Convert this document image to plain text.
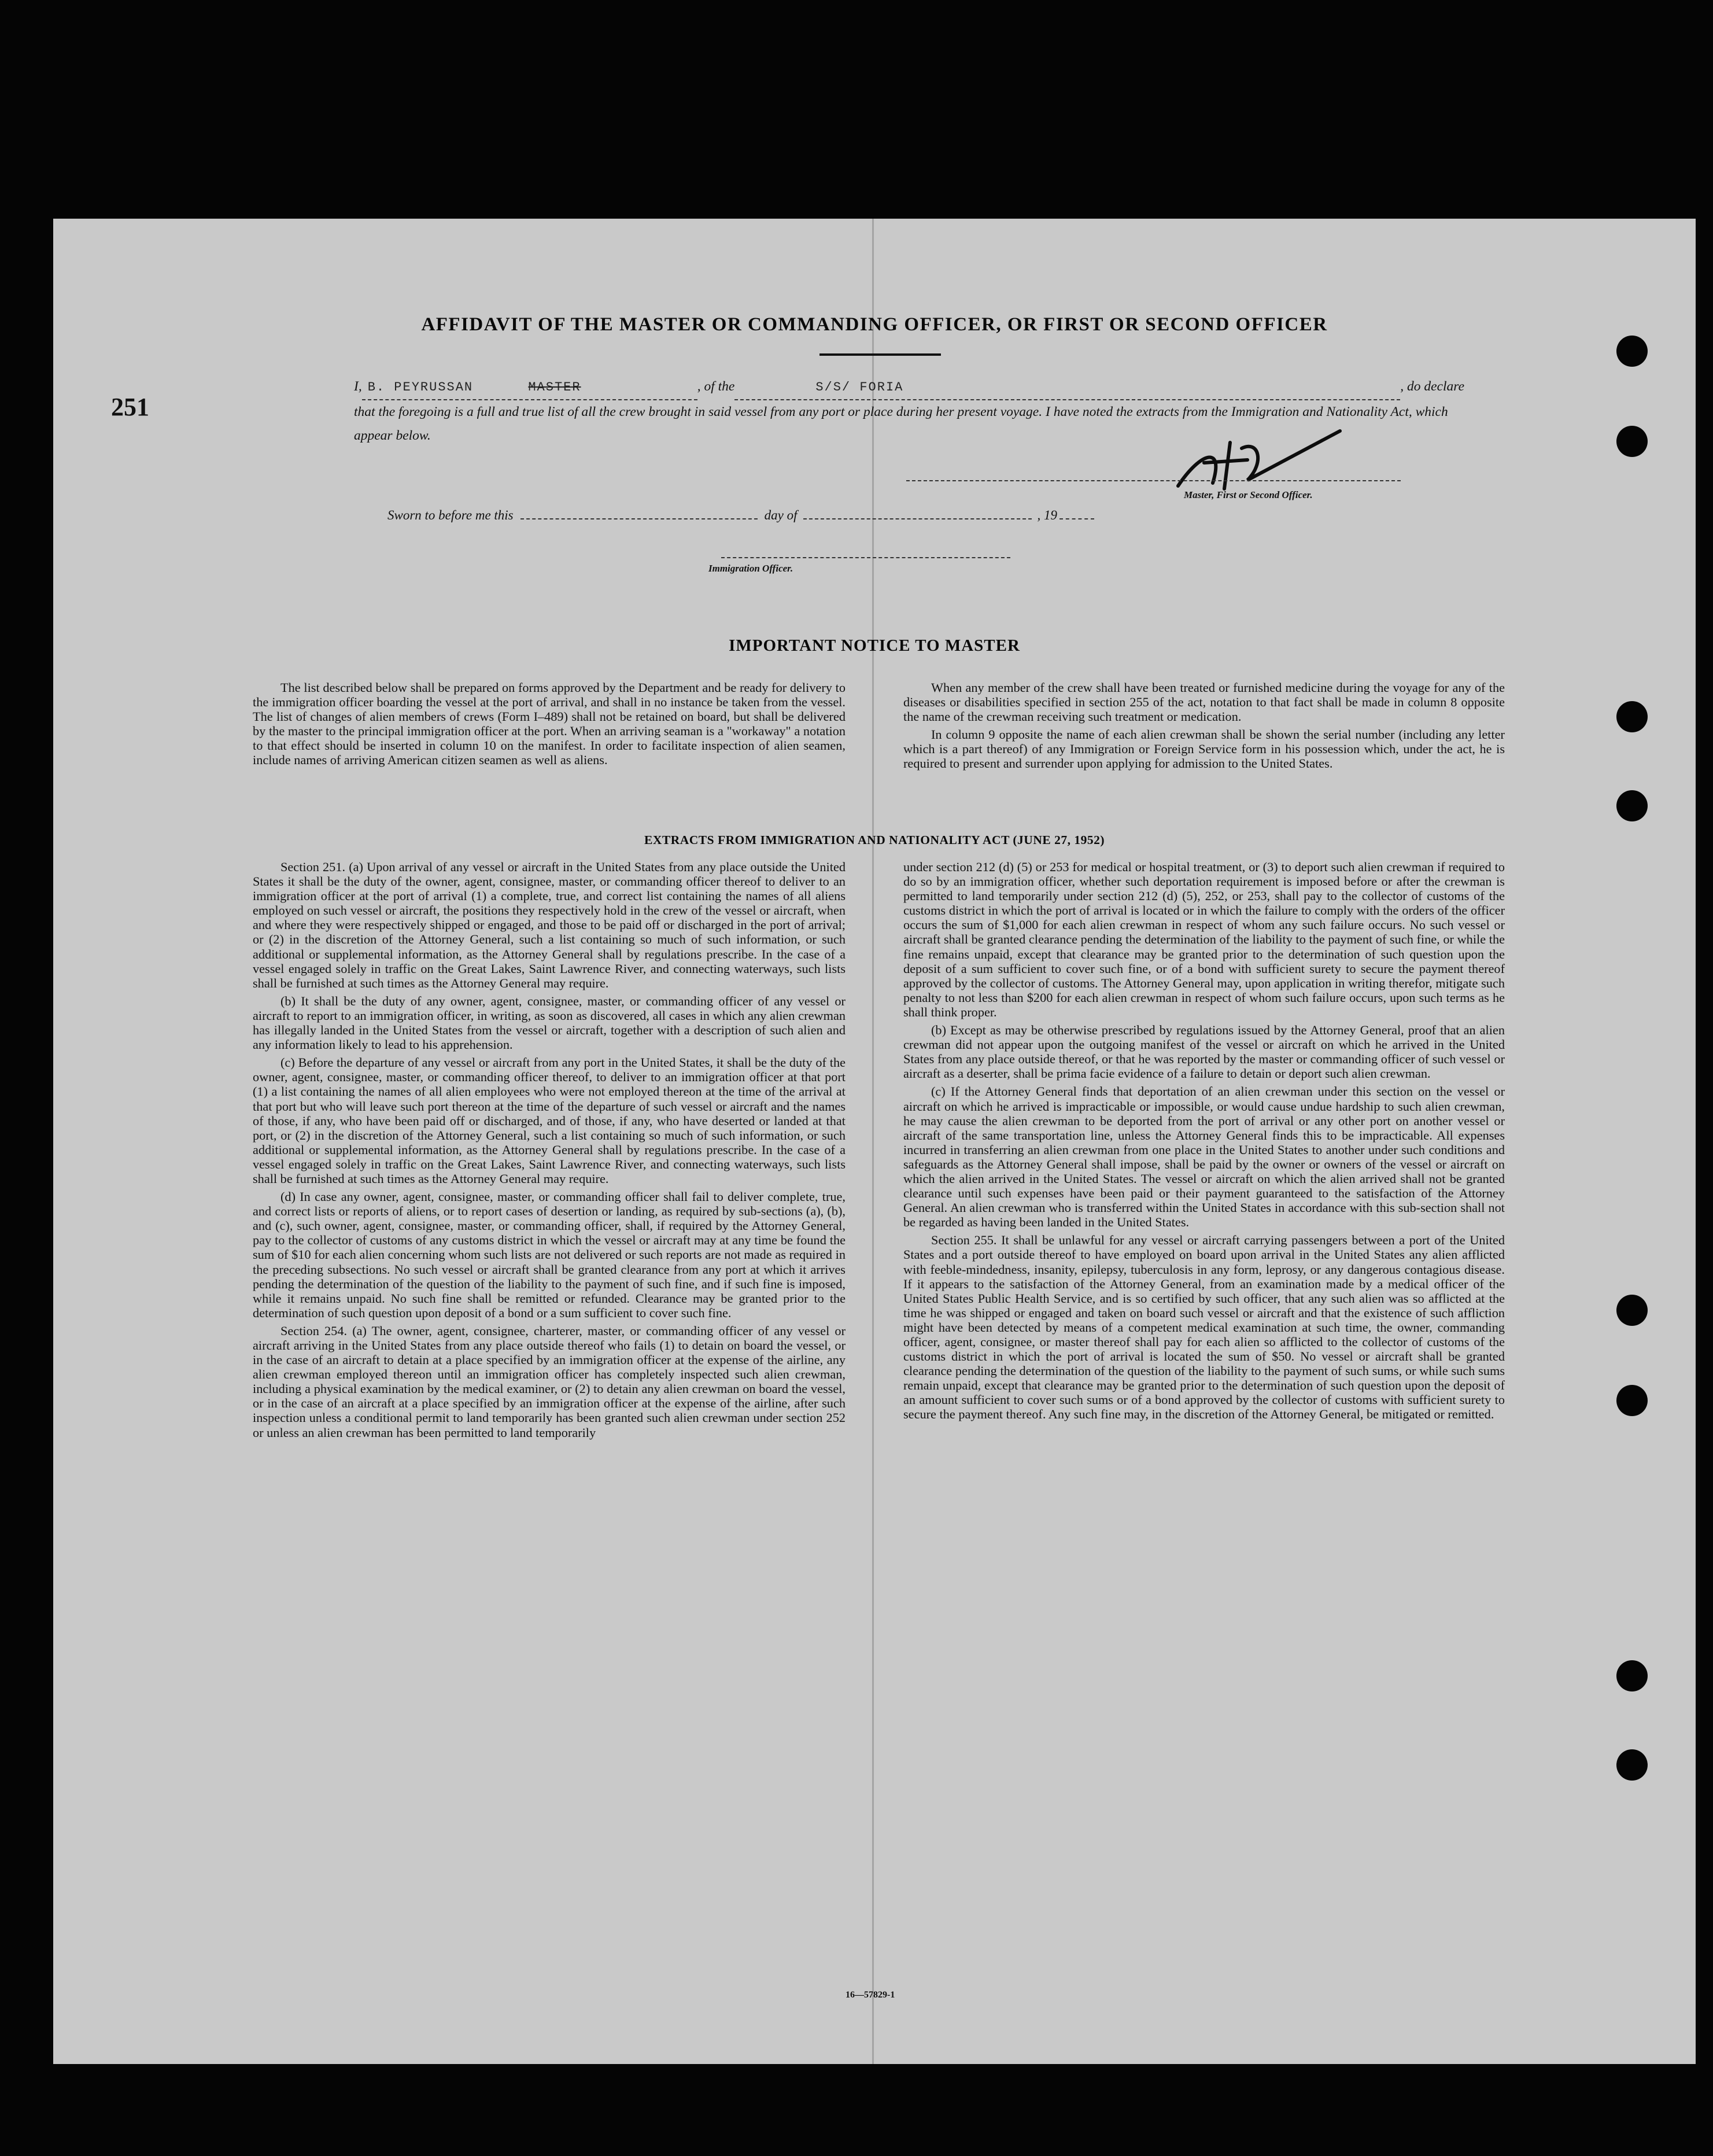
251
AFFIDAVIT OF THE MASTER OR COMMANDING OFFICER, OR FIRST OR SECOND OFFICER
I, B. PEYRUSSAN	MASTER	, of the	S/S/ FORIA	, do declare
that the foregoing is a full and true list of all the crew brought in said vessel from any port or place during her present voyage. I have noted the extracts from the Immigration and Nationality Act, which appear below.
Master, First or Second Officer.
Sworn to before me this	day of	, 19
Immigration Officer.
IMPORTANT NOTICE TO MASTER

The list described below shall be prepared on forms approved by the Department and be ready for delivery to the immigration officer boarding the vessel at the port of arrival, and shall in no instance be taken from the vessel. The list of changes of alien members of crews (Form I–489) shall not be retained on board, but shall be delivered by the master to the principal immigration officer at the port. When an arriving seaman is a "workaway" a notation to that effect should be inserted in column 10 on the manifest. In order to facilitate inspection of alien seamen, include names of arriving American citizen seamen as well as aliens.

When any member of the crew shall have been treated or furnished medicine during the voyage for any of the diseases or disabilities specified in section 255 of the act, notation to that fact shall be made in column 8 opposite the name of the crewman receiving such treatment or medication.

In column 9 opposite the name of each alien crewman shall be shown the serial number (including any letter which is a part thereof) of any Immigration or Foreign Service form in his possession which, under the act, he is required to present and surrender upon applying for admission to the United States.

EXTRACTS FROM IMMIGRATION AND NATIONALITY ACT (JUNE 27, 1952)

Section 251. (a) Upon arrival of any vessel or aircraft in the United States from any place outside the United States it shall be the duty of the owner, agent, consignee, master, or commanding officer thereof to deliver to an immigration officer at the port of arrival (1) a complete, true, and correct list containing the names of all aliens employed on such vessel or aircraft, the positions they respectively hold in the crew of the vessel or aircraft, when and where they were respectively shipped or engaged, and those to be paid off or discharged in the port of arrival; or (2) in the discretion of the Attorney General, such a list containing so much of such information, or such additional or supplemental information, as the Attorney General shall by regulations prescribe. In the case of a vessel engaged solely in traffic on the Great Lakes, Saint Lawrence River, and connecting waterways, such lists shall be furnished at such times as the Attorney General may require.

(b) It shall be the duty of any owner, agent, consignee, master, or commanding officer of any vessel or aircraft to report to an immigration officer, in writing, as soon as discovered, all cases in which any alien crewman has illegally landed in the United States from the vessel or aircraft, together with a description of such alien and any information likely to lead to his apprehension.

(c) Before the departure of any vessel or aircraft from any port in the United States, it shall be the duty of the owner, agent, consignee, master, or commanding officer thereof, to deliver to an immigration officer at that port (1) a list containing the names of all alien employees who were not employed thereon at the time of the arrival at that port but who will leave such port thereon at the time of the departure of such vessel or aircraft and the names of those, if any, who have been paid off or discharged, and of those, if any, who have deserted or landed at that port, or (2) in the discretion of the Attorney General, such a list containing so much of such information, or such additional or supplemental information, as the Attorney General shall by regulations prescribe. In the case of a vessel engaged solely in traffic on the Great Lakes, Saint Lawrence River, and connecting waterways, such lists shall be furnished at such times as the Attorney General may require.

(d) In case any owner, agent, consignee, master, or commanding officer shall fail to deliver complete, true, and correct lists or reports of aliens, or to report cases of desertion or landing, as required by sub-sections (a), (b), and (c), such owner, agent, consignee, master, or commanding officer, shall, if required by the Attorney General, pay to the collector of customs of any customs district in which the vessel or aircraft may at any time be found the sum of $10 for each alien concerning whom such lists are not delivered or such reports are not made as required in the preceding subsections. No such vessel or aircraft shall be granted clearance from any port at which it arrives pending the determination of the question of the liability to the payment of such fine, and if such fine is imposed, while it remains unpaid. No such fine shall be remitted or refunded. Clearance may be granted prior to the determination of such question upon deposit of a bond or a sum sufficient to cover such fine.

Section 254. (a) The owner, agent, consignee, charterer, master, or commanding officer of any vessel or aircraft arriving in the United States from any place outside thereof who fails (1) to detain on board the vessel, or in the case of an aircraft to detain at a place specified by an immigration officer at the expense of the airline, any alien crewman employed thereon until an immigration officer has completely inspected such alien crewman, including a physical examination by the medical examiner, or (2) to detain any alien crewman on board the vessel, or in the case of an aircraft at a place specified by an immigration officer at the expense of the airline, after such inspection unless a conditional permit to land temporarily has been granted such alien crewman under section 252 or unless an alien crewman has been permitted to land temporarily

under section 212 (d) (5) or 253 for medical or hospital treatment, or (3) to deport such alien crewman if required to do so by an immigration officer, whether such deportation requirement is imposed before or after the crewman is permitted to land temporarily under section 212 (d) (5), 252, or 253, shall pay to the collector of customs of the customs district in which the port of arrival is located or in which the failure to comply with the orders of the officer occurs the sum of $1,000 for each alien crewman in respect of whom any such failure occurs. No such vessel or aircraft shall be granted clearance pending the determination of the liability to the payment of such fine, or while the fine remains unpaid, except that clearance may be granted prior to the determination of such question upon the deposit of a sum sufficient to cover such fine, or of a bond with sufficient surety to secure the payment thereof approved by the collector of customs. The Attorney General may, upon application in writing therefor, mitigate such penalty to not less than $200 for each alien crewman in respect of whom such failure occurs, upon such terms as he shall think proper.

(b) Except as may be otherwise prescribed by regulations issued by the Attorney General, proof that an alien crewman did not appear upon the outgoing manifest of the vessel or aircraft on which he arrived in the United States from any place outside thereof, or that he was reported by the master or commanding officer of such vessel or aircraft as a deserter, shall be prima facie evidence of a failure to detain or deport such alien crewman.

(c) If the Attorney General finds that deportation of an alien crewman under this section on the vessel or aircraft on which he arrived is impracticable or impossible, or would cause undue hardship to such alien crewman, he may cause the alien crewman to be deported from the port of arrival or any other port on another vessel or aircraft of the same transportation line, unless the Attorney General finds this to be impracticable. All expenses incurred in transferring an alien crewman from one place in the United States to another under such conditions and safeguards as the Attorney General shall impose, shall be paid by the owner or owners of the vessel or aircraft on which the alien arrived in the United States. The vessel or aircraft on which the alien arrived shall not be granted clearance until such expenses have been paid or their payment guaranteed to the satisfaction of the Attorney General. An alien crewman who is transferred within the United States in accordance with this sub-section shall not be regarded as having been landed in the United States.

Section 255. It shall be unlawful for any vessel or aircraft carrying passengers between a port of the United States and a port outside thereof to have employed on board upon arrival in the United States any alien afflicted with feeble-mindedness, insanity, epilepsy, tuberculosis in any form, leprosy, or any dangerous contagious disease. If it appears to the satisfaction of the Attorney General, from an examination made by a medical officer of the United States Public Health Service, and is so certified by such officer, that any such alien was so afflicted at the time he was shipped or engaged and taken on board such vessel or aircraft and that the existence of such affliction might have been detected by means of a competent medical examination at such time, the owner, commanding officer, agent, consignee, or master thereof shall pay for each alien so afflicted to the collector of customs of the customs district in which the port of arrival is located the sum of $50. No vessel or aircraft shall be granted clearance pending the determination of the question of the liability to the payment of such sums, or while such sums remain unpaid, except that clearance may be granted prior to the determination of such question upon the deposit of an amount sufficient to cover such sums or of a bond approved by the collector of customs with sufficient surety to secure the payment thereof. Any such fine may, in the discretion of the Attorney General, be mitigated or remitted.

16—57829-1
